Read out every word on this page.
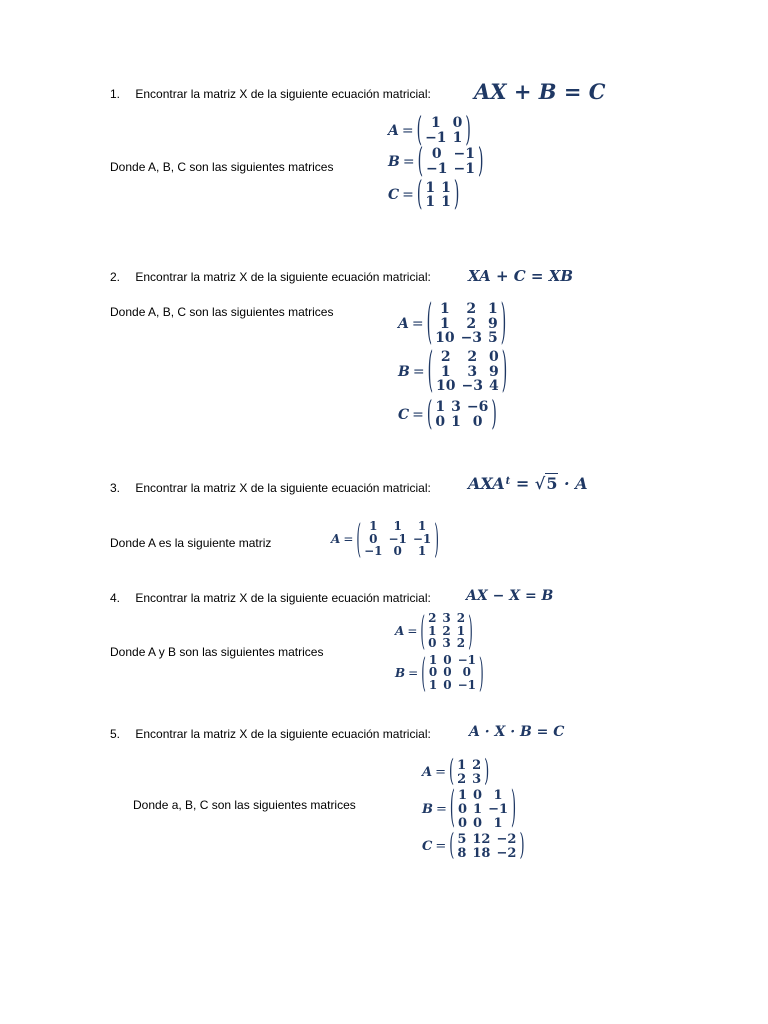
1. Encontrar la matriz X de la siguiente ecuación matricial: AX + B = C
Donde A, B, C son las siguientes matrices
A = ( 1 0
−1 1 )
B = ( 0 −1
−1 −1 )
C = ( 1 1
1 1 )
2. Encontrar la matriz X de la siguiente ecuación matricial: XA + C = XB
Donde A, B, C son las siguientes matrices
A = ( 1	2 1
1	2 9
10 −3 5 )
B = ( 2	2 0
1	3 9
10 −3 4 )
C = ( 1 3 −6
0 1 0 )
3. Encontrar la matriz X de la siguiente ecuación matricial: $AXA^t = √5 \cdot A$
Donde A es la siguiente matriz	A = ( 1	1	1
0 −1 −1
−1 0	1 )
4. Encontrar la matriz X de la siguiente ecuación matricial:	AX − X = B
Donde A y B son las siguientes matrices
A = ( 2 3 2
1 2 1
0 3 2 )
B = ( 1 0 −1
0 0 0
1 0 −1 )
5. Encontrar la matriz X de la siguiente ecuación matricial:	A · X · B = C
Donde a, B, C son las siguientes matrices
A = ( 1 2
2 3 )
B = ( 1 0 1
0 1 −1
0 0 1 )
C = ( 5 12 −2
8 18 −2 )
